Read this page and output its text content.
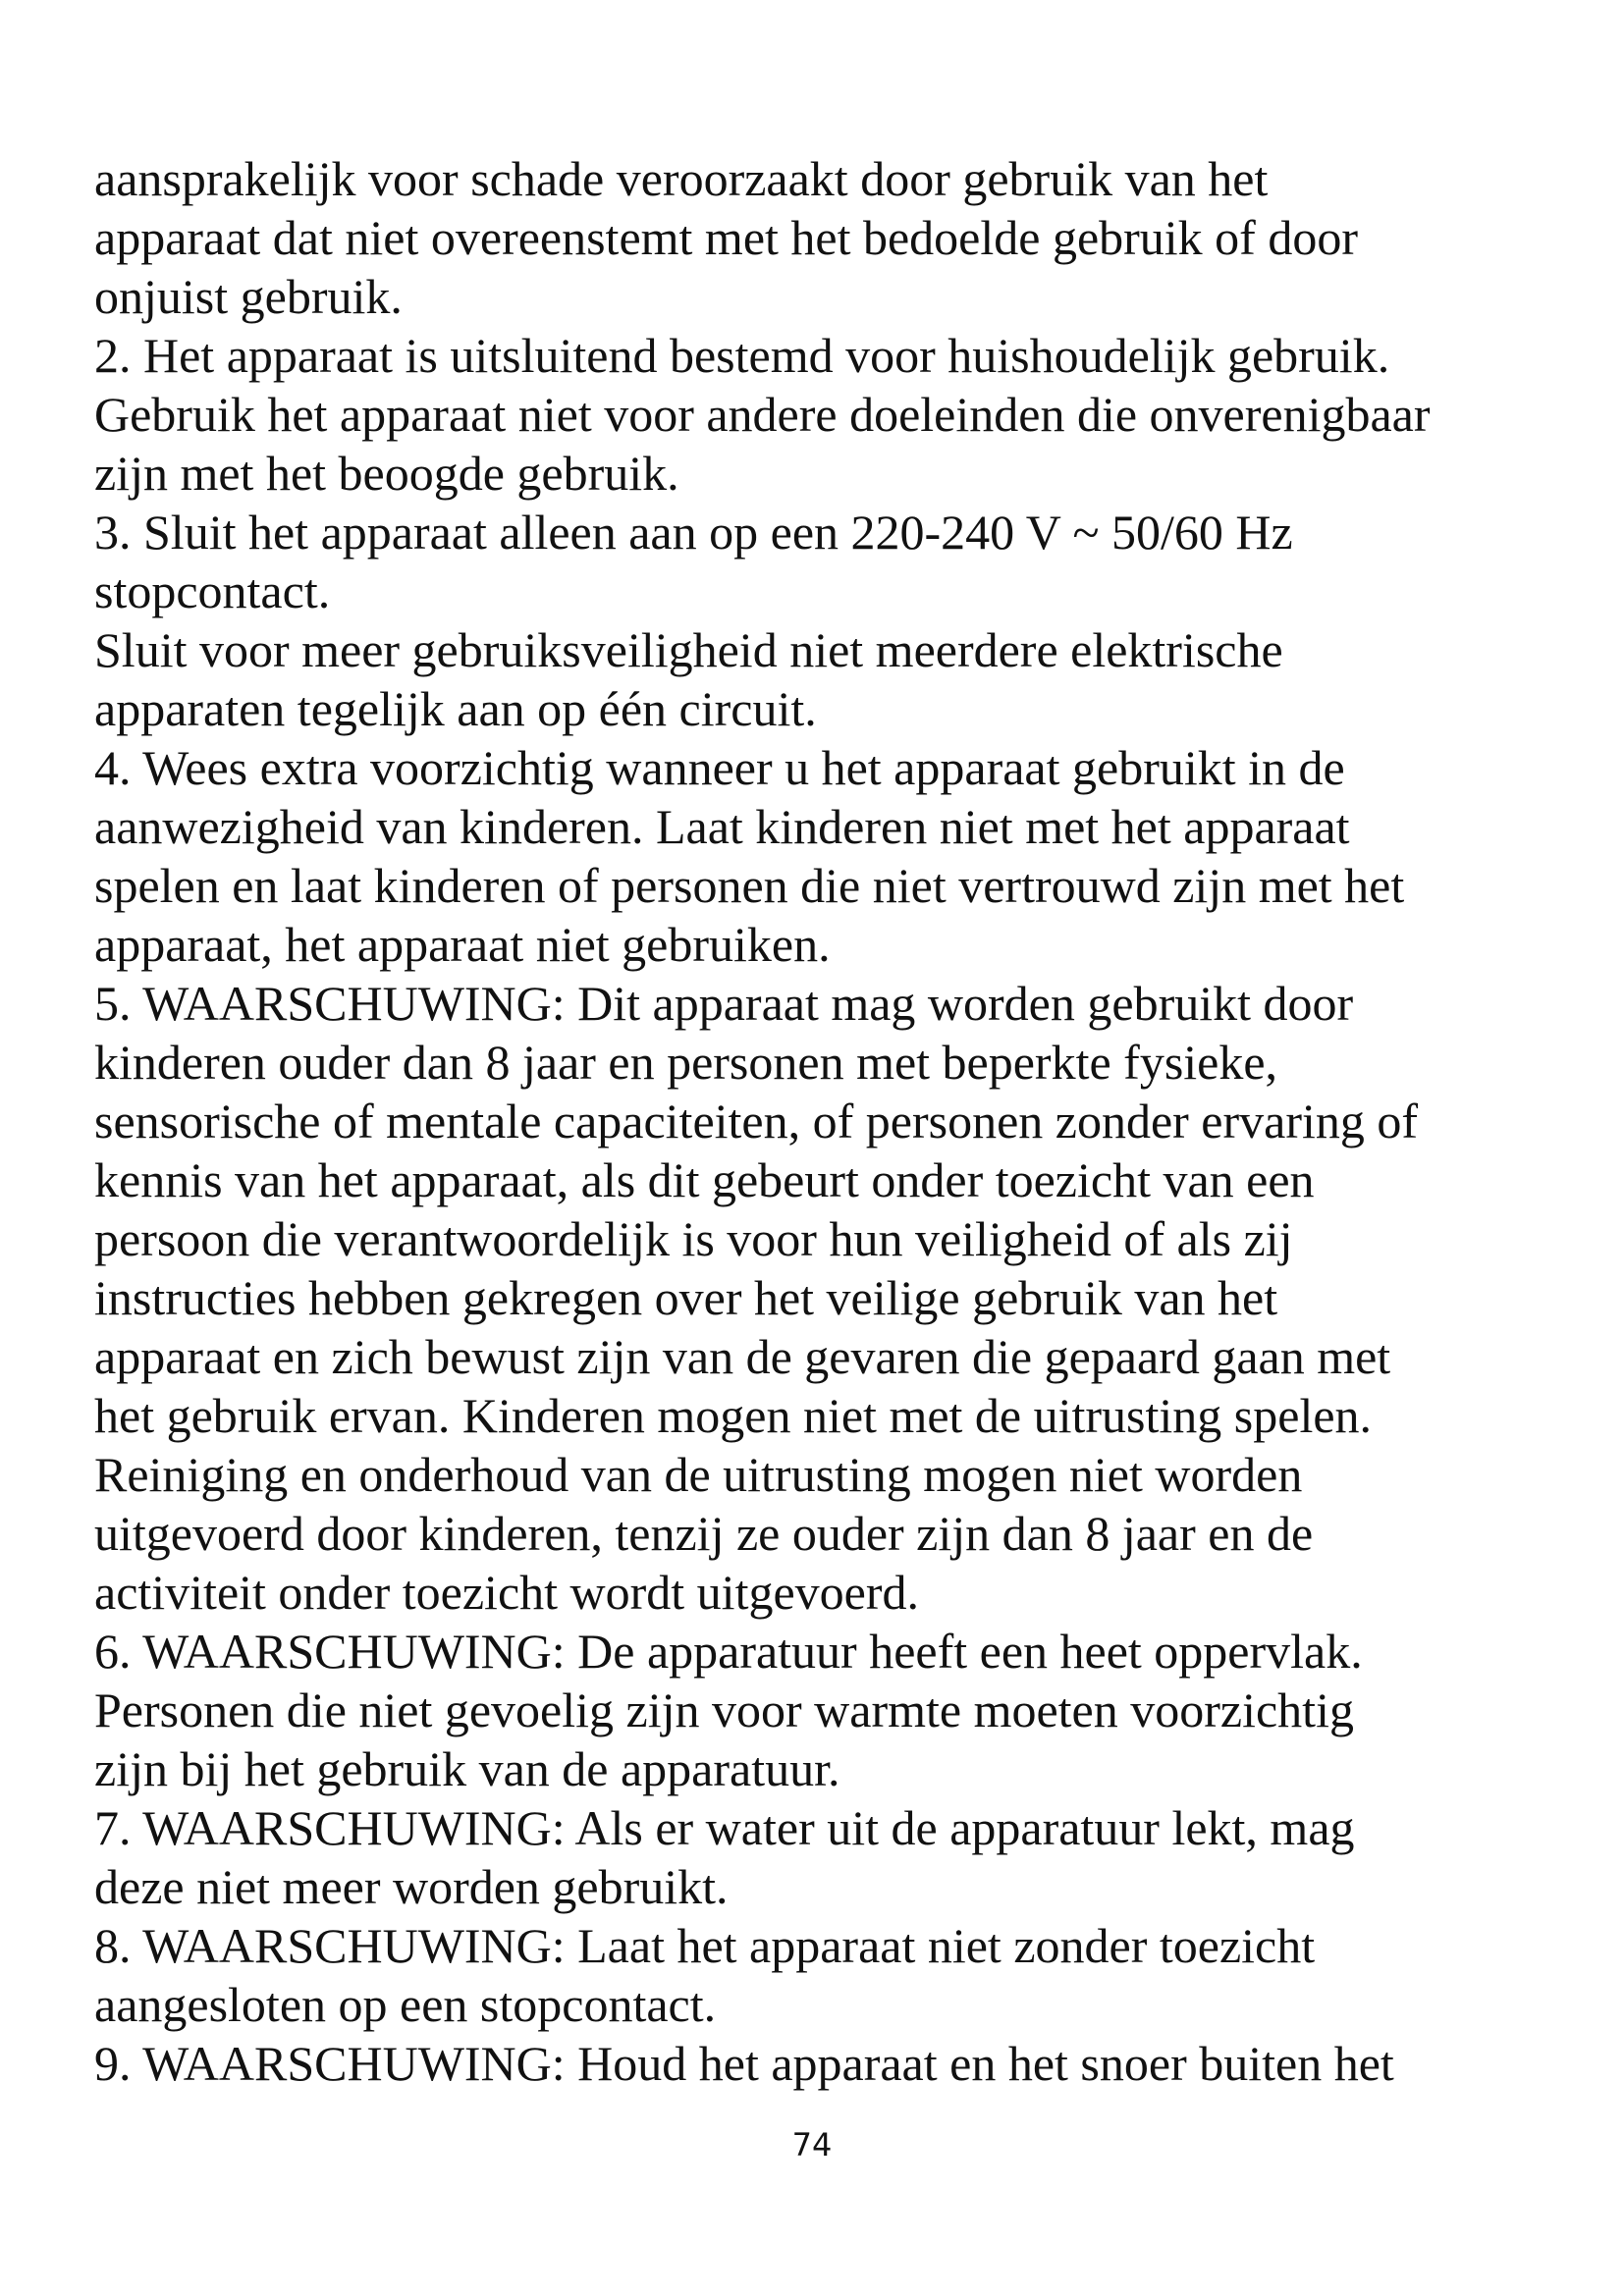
aansprakelijk voor schade veroorzaakt door gebruik van het
apparaat dat niet overeenstemt met het bedoelde gebruik of door
onjuist gebruik.
2. Het apparaat is uitsluitend bestemd voor huishoudelijk gebruik.
Gebruik het apparaat niet voor andere doeleinden die onverenigbaar
zijn met het beoogde gebruik.
3. Sluit het apparaat alleen aan op een 220-240 V ~ 50/60 Hz
stopcontact.
Sluit voor meer gebruiksveiligheid niet meerdere elektrische
apparaten tegelijk aan op één circuit.
4. Wees extra voorzichtig wanneer u het apparaat gebruikt in de
aanwezigheid van kinderen. Laat kinderen niet met het apparaat
spelen en laat kinderen of personen die niet vertrouwd zijn met het
apparaat, het apparaat niet gebruiken.
5. WAARSCHUWING: Dit apparaat mag worden gebruikt door
kinderen ouder dan 8 jaar en personen met beperkte fysieke,
sensorische of mentale capaciteiten, of personen zonder ervaring of
kennis van het apparaat, als dit gebeurt onder toezicht van een
persoon die verantwoordelijk is voor hun veiligheid of als zij
instructies hebben gekregen over het veilige gebruik van het
apparaat en zich bewust zijn van de gevaren die gepaard gaan met
het gebruik ervan. Kinderen mogen niet met de uitrusting spelen.
Reiniging en onderhoud van de uitrusting mogen niet worden
uitgevoerd door kinderen, tenzij ze ouder zijn dan 8 jaar en de
activiteit onder toezicht wordt uitgevoerd.
6. WAARSCHUWING: De apparatuur heeft een heet oppervlak.
Personen die niet gevoelig zijn voor warmte moeten voorzichtig
zijn bij het gebruik van de apparatuur.
7. WAARSCHUWING: Als er water uit de apparatuur lekt, mag
deze niet meer worden gebruikt.
8. WAARSCHUWING: Laat het apparaat niet zonder toezicht
aangesloten op een stopcontact.
9. WAARSCHUWING: Houd het apparaat en het snoer buiten het
74
